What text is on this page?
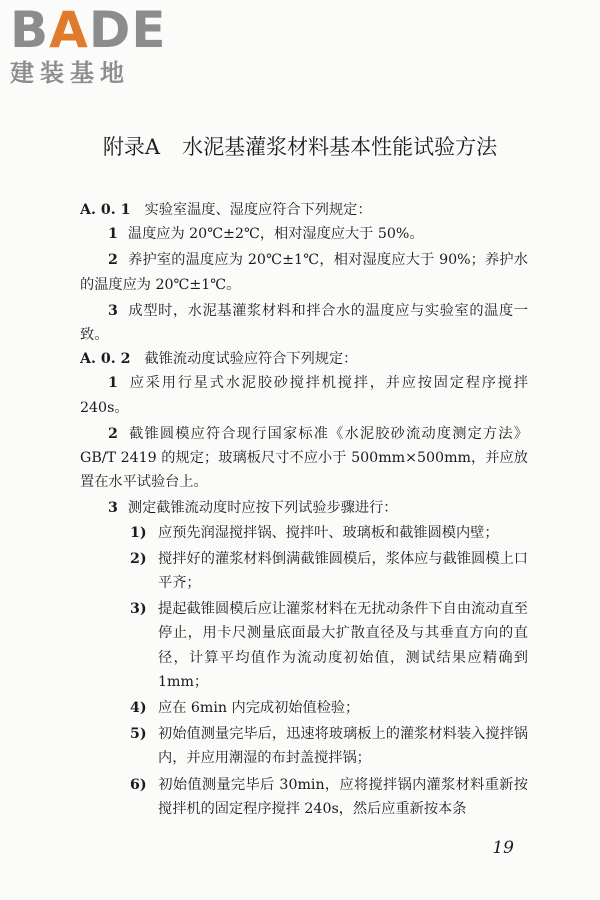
BADE
建装基地
附录A 水泥基灌浆材料基本性能试验方法

A. 0. 1 实验室温度、湿度应符合下列规定：

1 温度应为 20℃±2℃，相对湿度应大于 50%。

2 养护室的温度应为 20℃±1℃，相对湿度应大于 90%；养护水的温度应为 20℃±1℃。

3 成型时，水泥基灌浆材料和拌合水的温度应与实验室的温度一致。

A. 0. 2 截锥流动度试验应符合下列规定：

1 应采用行星式水泥胶砂搅拌机搅拌，并应按固定程序搅拌 240s。

2 截锥圆模应符合现行国家标准《水泥胶砂流动度测定方法》GB/T 2419 的规定；玻璃板尺寸不应小于 500mm×500mm，并应放置在水平试验台上。

3 测定截锥流动度时应按下列试验步骤进行：

1) 应预先润湿搅拌锅、搅拌叶、玻璃板和截锥圆模内壁；

2) 搅拌好的灌浆材料倒满截锥圆模后，浆体应与截锥圆模上口平齐；

3) 提起截锥圆模后应让灌浆材料在无扰动条件下自由流动直至停止，用卡尺测量底面最大扩散直径及与其垂直方向的直径，计算平均值作为流动度初始值，测试结果应精确到 1mm；

4) 应在 6min 内完成初始值检验；

5) 初始值测量完毕后，迅速将玻璃板上的灌浆材料装入搅拌锅内，并应用潮湿的布封盖搅拌锅；

6) 初始值测量完毕后 30min，应将搅拌锅内灌浆材料重新按搅拌机的固定程序搅拌 240s，然后应重新按本条

19
